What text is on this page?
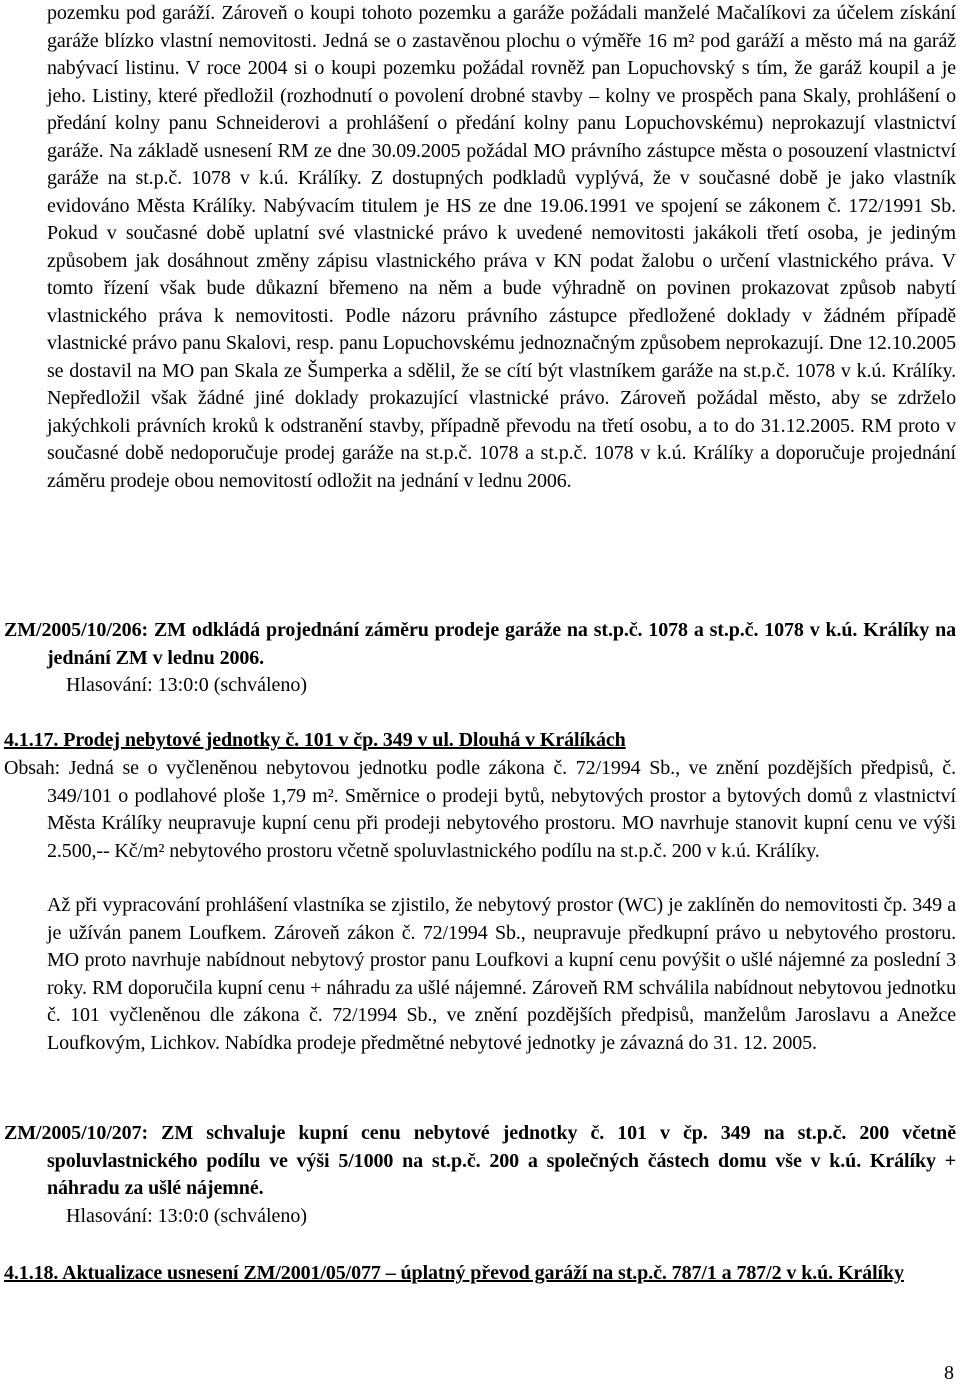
pozemku pod garáží. Zároveň o koupi tohoto pozemku a garáže požádali manželé Mačalíkovi za účelem získání garáže blízko vlastní nemovitosti. Jedná se o zastavěnou plochu o výměře 16 m² pod garáží a město má na garáž nabývací listinu. V roce 2004 si o koupi pozemku požádal rovněž pan Lopuchovský s tím, že garáž koupil a je jeho. Listiny, které předložil (rozhodnutí o povolení drobné stavby – kolny ve prospěch pana Skaly, prohlášení o předání kolny panu Schneiderovi a prohlášení o předání kolny panu Lopuchovskému) neprokazují vlastnictví garáže. Na základě usnesení RM ze dne 30.09.2005 požádal MO právního zástupce města o posouzení vlastnictví garáže na st.p.č. 1078 v k.ú. Králíky. Z dostupných podkladů vyplývá, že v současné době je jako vlastník evidováno Města Králíky. Nabývacím titulem je HS ze dne 19.06.1991 ve spojení se zákonem č. 172/1991 Sb. Pokud v současné době uplatní své vlastnické právo k uvedené nemovitosti jakákoli třetí osoba, je jediným způsobem jak dosáhnout změny zápisu vlastnického práva v KN podat žalobu o určení vlastnického práva. V tomto řízení však bude důkazní břemeno na něm a bude výhradně on povinen prokazovat způsob nabytí vlastnického práva k nemovitosti. Podle názoru právního zástupce předložené doklady v žádném případě vlastnické právo panu Skalovi, resp. panu Lopuchovskému jednoznačným způsobem neprokazují. Dne 12.10.2005 se dostavil na MO pan Skala ze Šumperka a sdělil, že se cítí být vlastníkem garáže na st.p.č. 1078 v k.ú. Králíky. Nepředložil však žádné jiné doklady prokazující vlastnické právo. Zároveň požádal město, aby se zdrželo jakýchkoli právních kroků k odstranění stavby, případně převodu na třetí osobu, a to do 31.12.2005. RM proto v současné době nedoporučuje prodej garáže na st.p.č. 1078 a st.p.č. 1078 v k.ú. Králíky a doporučuje projednání záměru prodeje obou nemovitostí odložit na jednání v lednu 2006.

ZM/2005/10/206: ZM odkládá projednání záměru prodeje garáže na st.p.č. 1078 a st.p.č. 1078 v k.ú. Králíky na jednání ZM v lednu 2006.

Hlasování: 13:0:0 (schváleno)

4.1.17. Prodej nebytové jednotky č. 101 v čp. 349 v ul. Dlouhá v Králíkách

Obsah: Jedná se o vyčleněnou nebytovou jednotku podle zákona č. 72/1994 Sb., ve znění pozdějších předpisů, č. 349/101 o podlahové ploše 1,79 m². Směrnice o prodeji bytů, nebytových prostor a bytových domů z vlastnictví Města Králíky neupravuje kupní cenu při prodeji nebytového prostoru. MO navrhuje stanovit kupní cenu ve výši 2.500,-- Kč/m² nebytového prostoru včetně spoluvlastnického podílu na st.p.č. 200 v k.ú. Králíky.

Až při vypracování prohlášení vlastníka se zjistilo, že nebytový prostor (WC) je zaklíněn do nemovitosti čp. 349 a je užíván panem Loufkem. Zároveň zákon č. 72/1994 Sb., neupravuje předkupní právo u nebytového prostoru. MO proto navrhuje nabídnout nebytový prostor panu Loufkovi a kupní cenu povýšit o ušlé nájemné za poslední 3 roky. RM doporučila kupní cenu + náhradu za ušlé nájemné. Zároveň RM schválila nabídnout nebytovou jednotku č. 101 vyčleněnou dle zákona č. 72/1994 Sb., ve znění pozdějších předpisů, manželům Jaroslavu a Anežce Loufkovým, Lichkov. Nabídka prodeje předmětné nebytové jednotky je závazná do 31. 12. 2005.

ZM/2005/10/207: ZM schvaluje kupní cenu nebytové jednotky č. 101 v čp. 349 na st.p.č. 200 včetně spoluvlastnického podílu ve výši 5/1000 na st.p.č. 200 a společných částech domu vše v k.ú. Králíky + náhradu za ušlé nájemné.

Hlasování: 13:0:0 (schváleno)

4.1.18. Aktualizace usnesení ZM/2001/05/077 – úplatný převod garáží na st.p.č. 787/1 a 787/2 v k.ú. Králíky

8
